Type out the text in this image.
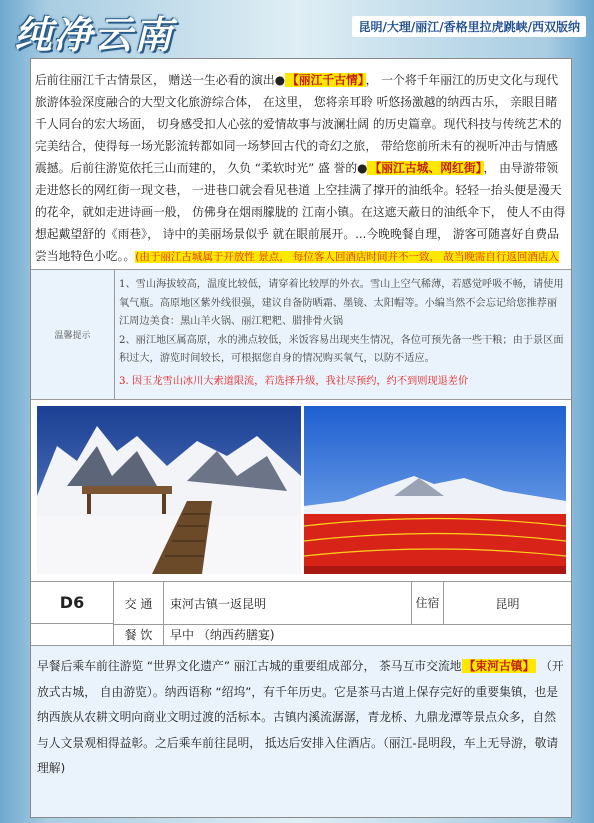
纯净云南	昆明/大理/丽江/香格里拉虎跳峡/西双版纳
后前往丽江千古情景区， 赠送一生必看的演出● 【丽江千古情】 ， 一个将千年丽江的历史文化与现代旅游体验深度融合的大型文化旅游综合体， 在这里， 您将亲耳聆 听悠扬激越的纳西古乐， 亲眼目睹千人同台的宏大场面， 切身感受扣人心弦的爱情故事与波澜壮阔 的历史篇章。现代科技与传统艺术的完美结合，使得每一场光影流转都如同一场梦回古代的奇幻之旅， 带给您前所未有的视听冲击与情感震撼。后前往游览依托三山而建的， 久负 “柔软时光” 盛 誉的● 【丽江古城、网红街】 ， 由导游带领走进悠长的网红街一现文巷， 一进巷口就会看见巷道 上空挂满了撑开的油纸伞。轻轻一抬头便是漫天的花伞，就如走进诗画一般， 仿佛身在烟雨朦胧的 江南小镇。在这遮天蔽日的油纸伞下， 使人不由得想起戴望舒的《雨巷》， 诗中的美丽场景似乎 就在眼前展开。...今晚晚餐自理， 游客可随喜好自费品尝当地特色小吃。。(由于丽江古城属于开放性 景点， 每位客人回酒店时间并不一致， 故当晚需自行返回酒店入
温馨提示

1、雪山海拔较高，温度比较低，请穿着比较厚的外衣。雪山上空气稀薄，若感觉呼吸不畅，请使用氧气瓶。高原地区紫外线很强，建议自备防晒霜、墨镜、太阳帽等。小编当然不会忘记给您推荐丽江周边美食：黑山羊火锅、丽江粑粑、腊排骨火锅

2、丽江地区属高原，水的沸点较低，米饭容易出现夹生情况，各位可预先备一些干粮；由于景区面积过大，游览时间较长，可根据您自身的情况购买氧气，以防不适应。

3. 因玉龙雪山冰川大索道限流，若选择升级，我社尽预约，约不到则现退差价

D6	交 通	束河古镇一返昆明	住宿	昆明
餐 饮	早中 （纳西药膳宴)
早餐后乘车前往游览 “世界文化遗产” 丽江古城的重要组成部分， 茶马互市交流地 【束河古镇】 （开放式古城， 自由游览）。纳西语称 “绍坞”，有千年历史。它是茶马古道上保存完好的重要集镇，也是纳西族从农耕文明向商业文明过渡的活标本。古镇内溪流潺潺，青龙桥、九鼎龙潭等景点众多，自然与人文景观相得益彰。之后乘车前往昆明， 抵达后安排入住酒店。（丽江-昆明段，车上无导游，敬请理解)
